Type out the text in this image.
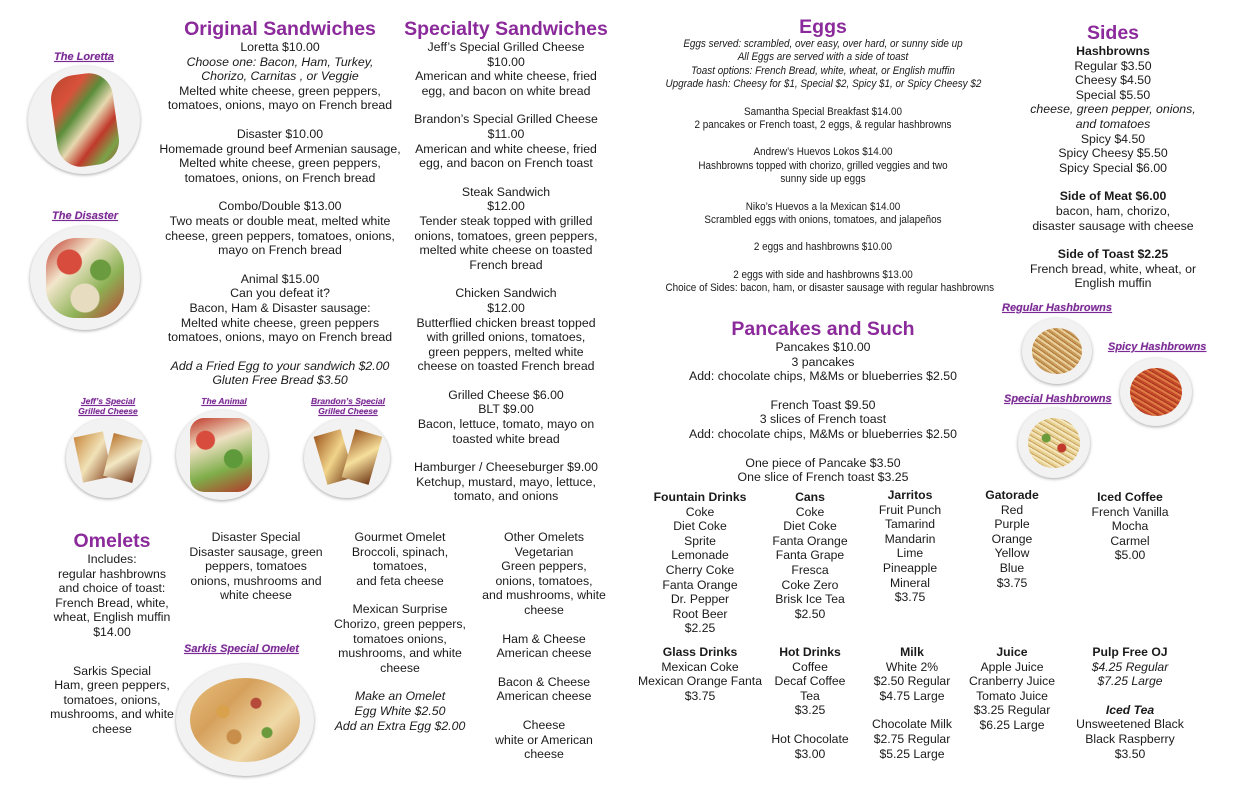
Original Sandwiches
Loretta $10.00
Choose one: Bacon, Ham, Turkey,
Chorizo, Carnitas , or Veggie
Melted white cheese, green peppers,
tomatoes, onions, mayo on French bread
Disaster $10.00
Homemade ground beef Armenian sausage,
Melted white cheese, green peppers,
tomatoes, onions, on French bread
Combo/Double $13.00
Two meats or double meat, melted white
cheese, green peppers, tomatoes, onions,
mayo on French bread
Animal $15.00
Can you defeat it?
Bacon, Ham & Disaster sausage:
Melted white cheese, green peppers
tomatoes, onions, mayo on French bread
Add a Fried Egg to your sandwich $2.00
Gluten Free Bread $3.50
The Loretta
The Disaster
Jeff’s Special Grilled Cheese
The Animal	Brandon’s Special Grilled Cheese
Specialty Sandwiches
Jeff’s Special Grilled Cheese
$10.00
American and white cheese, fried
egg, and bacon on white bread
Brandon’s Special Grilled Cheese
$11.00
American and white cheese, fried
egg, and bacon on French toast
Steak Sandwich
$12.00
Tender steak topped with grilled
onions, tomatoes, green peppers,
melted white cheese on toasted
French bread
Chicken Sandwich
$12.00
Butterflied chicken breast topped
with grilled onions, tomatoes,
green peppers, melted white
cheese on toasted French bread
Grilled Cheese $6.00
BLT $9.00
Bacon, lettuce, tomato, mayo on
toasted white bread
Hamburger / Cheeseburger $9.00
Ketchup, mustard, mayo, lettuce,
tomato, and onions
Omelets
Includes:
regular hashbrowns
and choice of toast:
French Bread, white,
wheat, English muffin
$14.00
Sarkis Special
Ham, green peppers,
tomatoes, onions,
mushrooms, and white
cheese
Disaster Special
Disaster sausage, green
peppers, tomatoes
onions, mushrooms and
white cheese
Sarkis Special Omelet
Gourmet Omelet
Broccoli, spinach,
tomatoes,
and feta cheese
Mexican Surprise
Chorizo, green peppers,
tomatoes onions,
mushrooms, and white
cheese
Make an Omelet
Egg White $2.50
Add an Extra Egg $2.00
Other Omelets
Vegetarian
Green peppers,
onions, tomatoes,
and mushrooms, white
cheese
Ham & Cheese
American cheese
Bacon & Cheese
American cheese
Cheese
white or American
cheese
Eggs
Eggs served: scrambled, over easy, over hard, or sunny side up
All Eggs are served with a side of toast
Toast options: French Bread, white, wheat, or English muffin
Upgrade hash: Cheesy for $1, Special $2, Spicy $1, or Spicy Cheesy $2
Samantha Special Breakfast $14.00
2 pancakes or French toast, 2 eggs, & regular hashbrowns
Andrew’s Huevos Lokos $14.00
Hashbrowns topped with chorizo, grilled veggies and two
sunny side up eggs
Niko’s Huevos a la Mexican $14.00
Scrambled eggs with onions, tomatoes, and jalapeños
2 eggs and hashbrowns $10.00
2 eggs with side and hashbrowns $13.00
Choice of Sides: bacon, ham, or disaster sausage with regular hashbrowns
Pancakes and Such
Pancakes $10.00
3 pancakes
Add: chocolate chips, M&Ms or blueberries $2.50
French Toast $9.50
3 slices of French toast
Add: chocolate chips, M&Ms or blueberries $2.50
One piece of Pancake $3.50
One slice of French toast $3.25
Sides
Hashbrowns
Regular $3.50
Cheesy $4.50
Special $5.50
cheese, green pepper, onions,
and tomatoes
Spicy $4.50
Spicy Cheesy $5.50
Spicy Special $6.00
Side of Meat $6.00
bacon, ham, chorizo,
disaster sausage with cheese
Side of Toast $2.25
French bread, white, wheat, or
English muffin
Regular Hashbrowns
Spicy Hashbrowns
Special Hashbrowns
Fountain Drinks
Coke
Diet Coke
Sprite
Lemonade
Cherry Coke
Fanta Orange
Dr. Pepper
Root Beer
$2.25
Cans
Coke
Diet Coke
Fanta Orange
Fanta Grape
Fresca
Coke Zero
Brisk Ice Tea
$2.50
Jarritos
Fruit Punch
Tamarind
Mandarin
Lime
Pineapple
Mineral
$3.75
Gatorade
Red
Purple
Orange
Yellow
Blue
$3.75
Iced Coffee
French Vanilla
Mocha
Carmel
$5.00
Glass Drinks
Mexican Coke
Mexican Orange Fanta
$3.75
Hot Drinks
Coffee
Decaf Coffee
Tea
$3.25
Hot Chocolate
$3.00
Milk
White 2%
$2.50 Regular
$4.75 Large
Chocolate Milk
$2.75 Regular
$5.25 Large
Juice
Apple Juice
Cranberry Juice
Tomato Juice
$3.25 Regular
$6.25 Large
Pulp Free OJ
$4.25 Regular
$7.25 Large
Iced Tea
Unsweetened Black
Black Raspberry
$3.50
